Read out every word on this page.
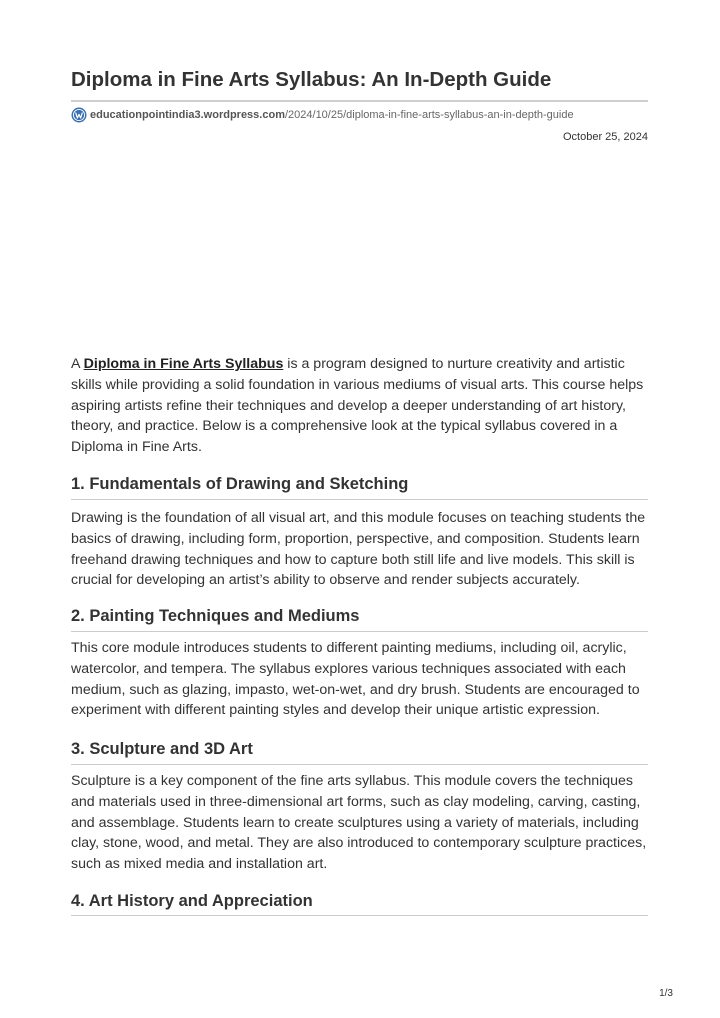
Diploma in Fine Arts Syllabus: An In-Depth Guide
educationpointindia3.wordpress.com /2024/10/25/diploma-in-fine-arts-syllabus-an-in-depth-guide
October 25, 2024

A Diploma in Fine Arts Syllabus is a program designed to nurture creativity and artistic skills while providing a solid foundation in various mediums of visual arts. This course helps aspiring artists refine their techniques and develop a deeper understanding of art history, theory, and practice. Below is a comprehensive look at the typical syllabus covered in a Diploma in Fine Arts.

1. Fundamentals of Drawing and Sketching

Drawing is the foundation of all visual art, and this module focuses on teaching students the basics of drawing, including form, proportion, perspective, and composition. Students learn freehand drawing techniques and how to capture both still life and live models. This skill is crucial for developing an artist’s ability to observe and render subjects accurately.

2. Painting Techniques and Mediums

This core module introduces students to different painting mediums, including oil, acrylic, watercolor, and tempera. The syllabus explores various techniques associated with each medium, such as glazing, impasto, wet-on-wet, and dry brush. Students are encouraged to experiment with different painting styles and develop their unique artistic expression.

3. Sculpture and 3D Art

Sculpture is a key component of the fine arts syllabus. This module covers the techniques and materials used in three-dimensional art forms, such as clay modeling, carving, casting, and assemblage. Students learn to create sculptures using a variety of materials, including clay, stone, wood, and metal. They are also introduced to contemporary sculpture practices, such as mixed media and installation art.

4. Art History and Appreciation
1/3
